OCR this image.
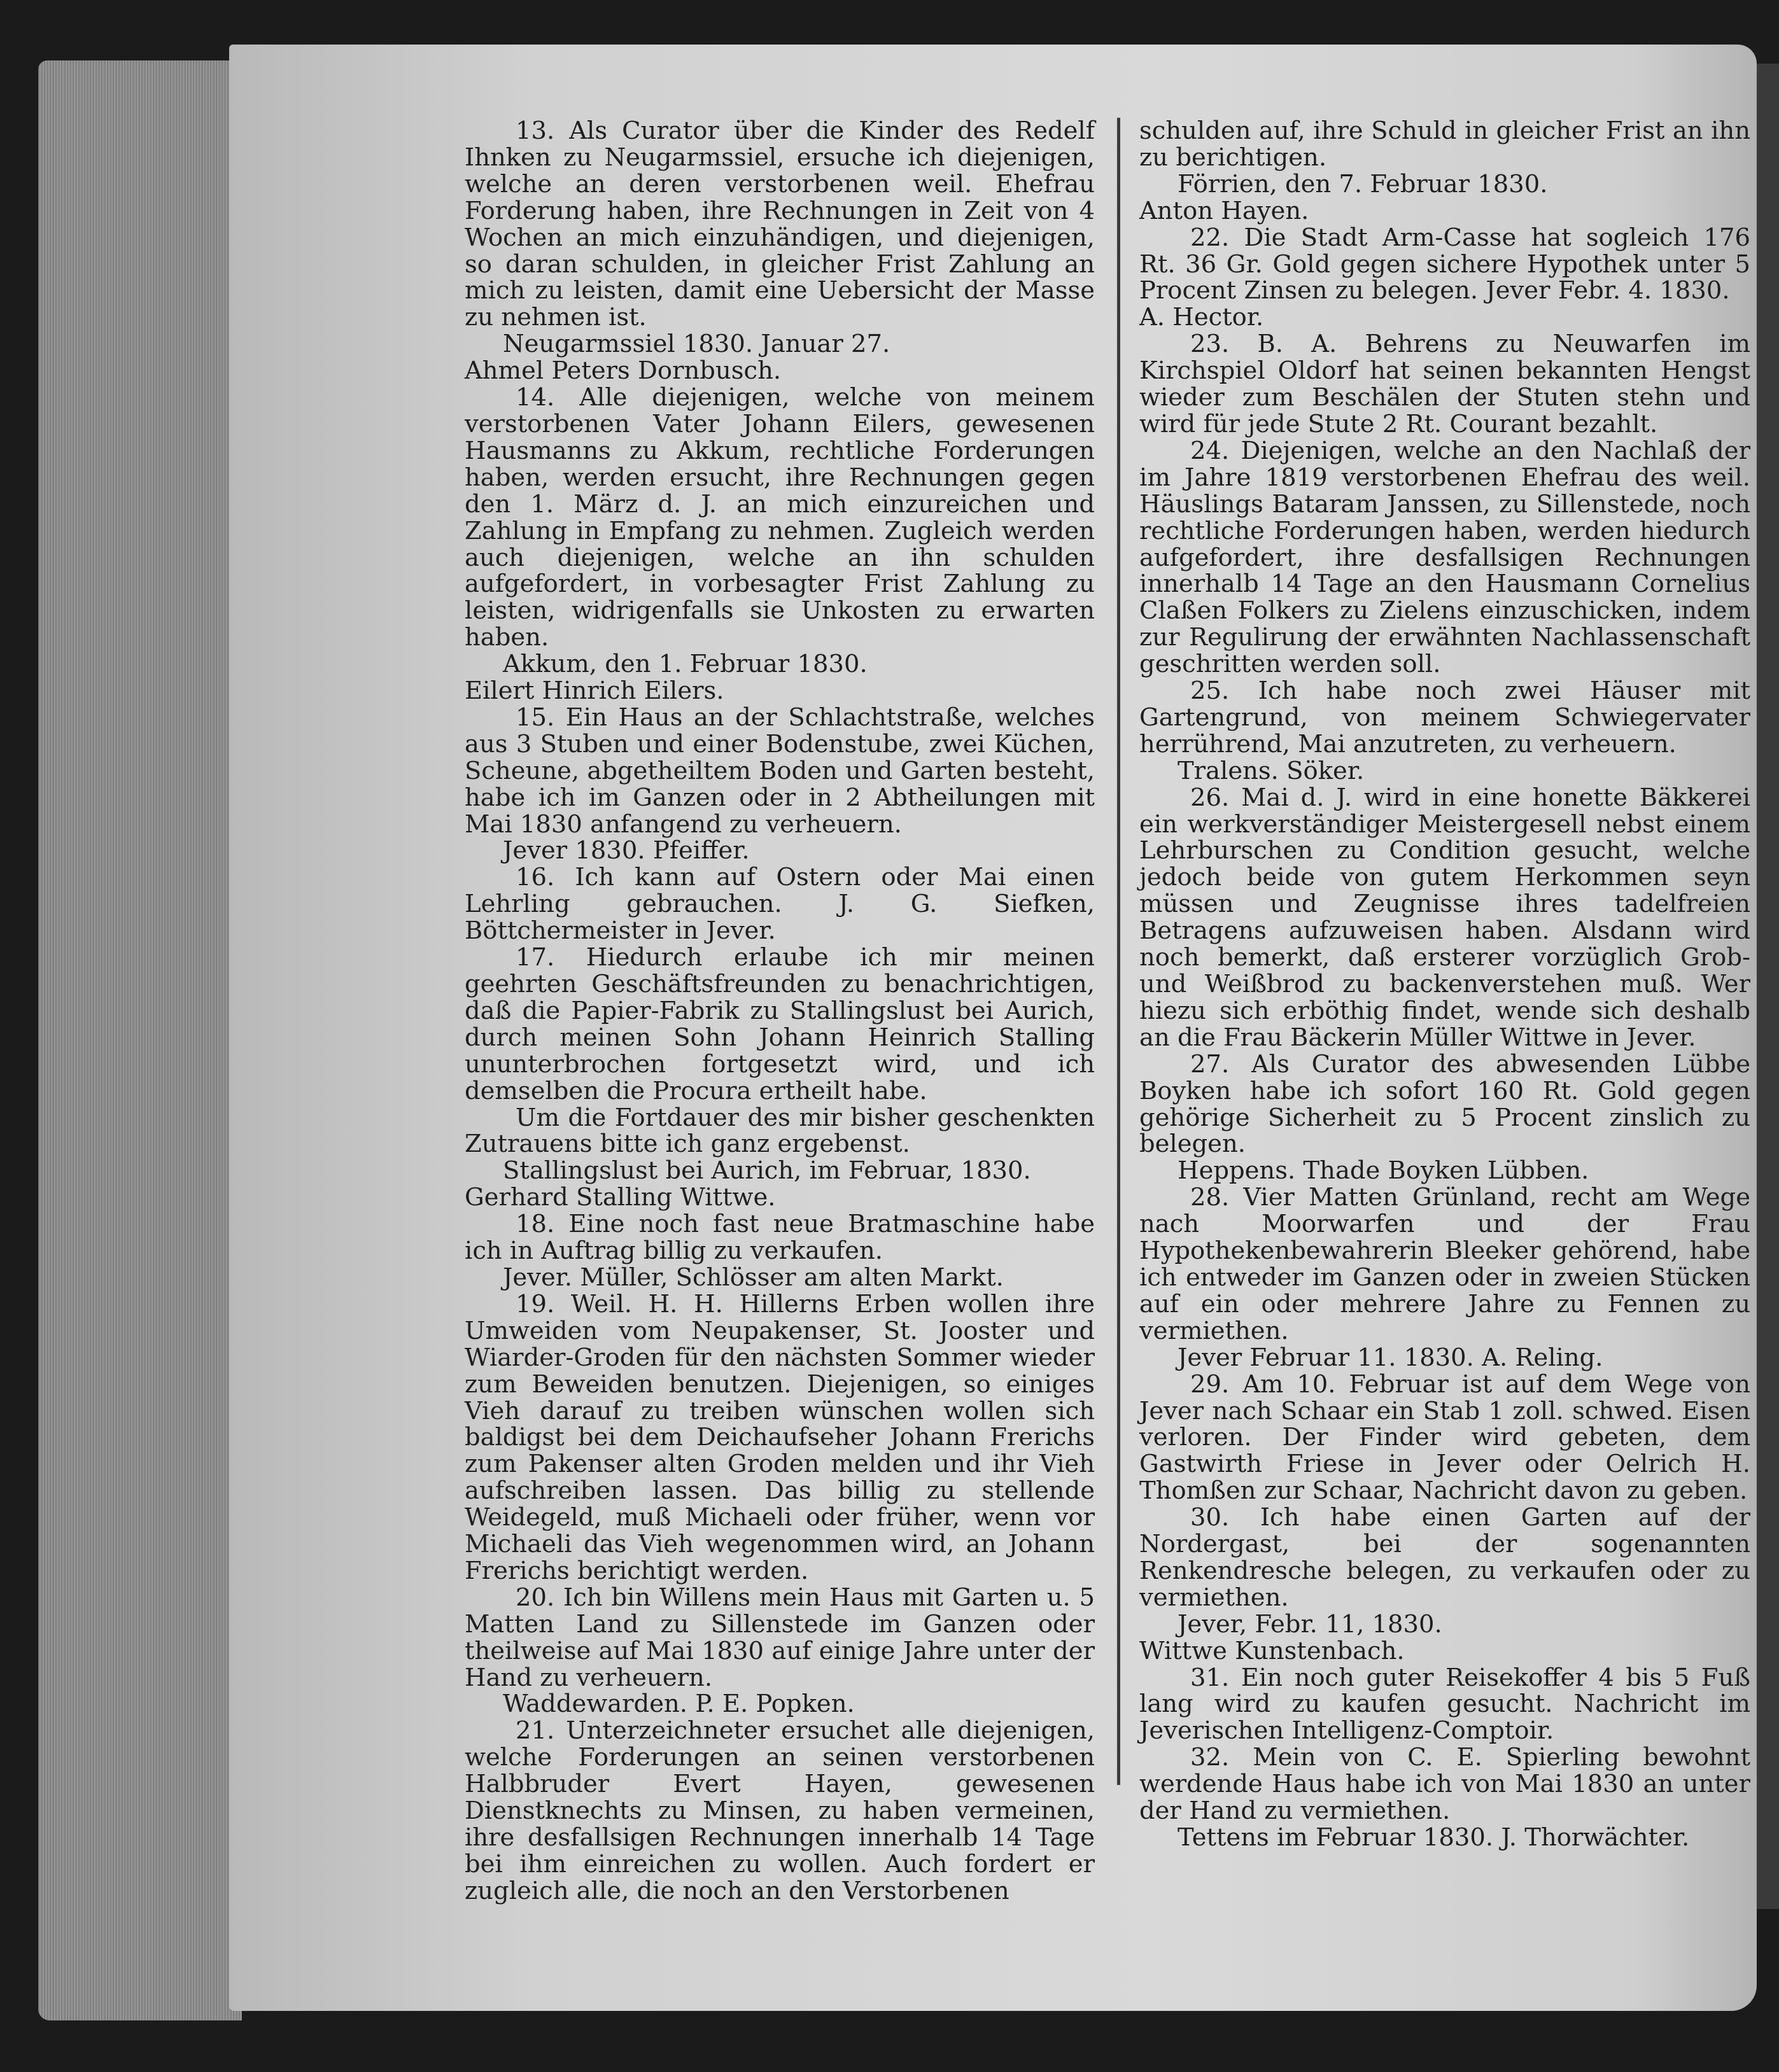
13. Als Curator über die Kinder des Redelf Ihnken zu Neugarmssiel, ersuche ich diejenigen, welche an deren verstorbenen weil. Ehefrau Forderung haben, ihre Rechnungen in Zeit von 4 Wochen an mich einzuhändigen, und diejenigen, so daran schulden, in gleicher Frist Zahlung an mich zu leisten, damit eine Uebersicht der Masse zu nehmen ist.

Neugarmssiel 1830. Januar 27.

Ahmel Peters Dornbusch.

14. Alle diejenigen, welche von meinem verstorbenen Vater Johann Eilers, gewesenen Hausmanns zu Akkum, rechtliche Forderungen haben, werden ersucht, ihre Rechnungen gegen den 1. März d. J. an mich einzureichen und Zahlung in Empfang zu nehmen. Zugleich werden auch diejenigen, welche an ihn schulden aufgefordert, in vorbesagter Frist Zahlung zu leisten, widrigenfalls sie Unkosten zu erwarten haben.

Akkum, den 1. Februar 1830.

Eilert Hinrich Eilers.

15. Ein Haus an der Schlachtstraße, welches aus 3 Stuben und einer Bodenstube, zwei Küchen, Scheune, abgetheiltem Boden und Garten besteht, habe ich im Ganzen oder in 2 Abtheilungen mit Mai 1830 anfangend zu verheuern.

Jever 1830. Pfeiffer.

16. Ich kann auf Ostern oder Mai einen Lehrling gebrauchen. J. G. Siefken, Böttchermeister in Jever.

17. Hiedurch erlaube ich mir meinen geehrten Geschäftsfreunden zu benachrichtigen, daß die Papier-Fabrik zu Stallingslust bei Aurich, durch meinen Sohn Johann Heinrich Stalling ununterbrochen fortgesetzt wird, und ich demselben die Procura ertheilt habe.

Um die Fortdauer des mir bisher geschenkten Zutrauens bitte ich ganz ergebenst.

Stallingslust bei Aurich, im Februar, 1830.

Gerhard Stalling Wittwe.

18. Eine noch fast neue Bratmaschine habe ich in Auftrag billig zu verkaufen.

Jever. Müller, Schlösser am alten Markt.

19. Weil. H. H. Hillerns Erben wollen ihre Umweiden vom Neupakenser, St. Jooster und Wiarder-Groden für den nächsten Sommer wieder zum Beweiden benutzen. Diejenigen, so einiges Vieh darauf zu treiben wünschen wollen sich baldigst bei dem Deichaufseher Johann Frerichs zum Pakenser alten Groden melden und ihr Vieh aufschreiben lassen. Das billig zu stellende Weidegeld, muß Michaeli oder früher, wenn vor Michaeli das Vieh wegenommen wird, an Johann Frerichs berichtigt werden.

20. Ich bin Willens mein Haus mit Garten u. 5 Matten Land zu Sillenstede im Ganzen oder theilweise auf Mai 1830 auf einige Jahre unter der Hand zu verheuern.

Waddewarden. P. E. Popken.

21. Unterzeichneter ersuchet alle diejenigen, welche Forderungen an seinen verstorbenen Halbbruder Evert Hayen, gewesenen Dienstknechts zu Minsen, zu haben vermeinen, ihre desfallsigen Rechnungen innerhalb 14 Tage bei ihm einreichen zu wollen. Auch fordert er zugleich alle, die noch an den Verstorbenen

schulden auf, ihre Schuld in gleicher Frist an ihn zu berichtigen.

Förrien, den 7. Februar 1830.

Anton Hayen.

22. Die Stadt Arm-Casse hat sogleich 176 Rt. 36 Gr. Gold gegen sichere Hypothek unter 5 Procent Zinsen zu belegen. Jever Febr. 4. 1830.

A. Hector.

23. B. A. Behrens zu Neuwarfen im Kirchspiel Oldorf hat seinen bekannten Hengst wieder zum Beschälen der Stuten stehn und wird für jede Stute 2 Rt. Courant bezahlt.

24. Diejenigen, welche an den Nachlaß der im Jahre 1819 verstorbenen Ehefrau des weil. Häuslings Bataram Janssen, zu Sillenstede, noch rechtliche Forderungen haben, werden hiedurch aufgefordert, ihre desfallsigen Rechnungen innerhalb 14 Tage an den Hausmann Cornelius Claßen Folkers zu Zielens einzuschicken, indem zur Regulirung der erwähnten Nachlassenschaft geschritten werden soll.

25. Ich habe noch zwei Häuser mit Gartengrund, von meinem Schwiegervater herrührend, Mai anzutreten, zu verheuern.

Tralens. Söker.

26. Mai d. J. wird in eine honette Bäkkerei ein werkverständiger Meistergesell nebst einem Lehrburschen zu Condition gesucht, welche jedoch beide von gutem Herkommen seyn müssen und Zeugnisse ihres tadelfreien Betragens aufzuweisen haben. Alsdann wird noch bemerkt, daß ersterer vorzüglich Grob- und Weißbrod zu backenverstehen muß. Wer hiezu sich erböthig findet, wende sich deshalb an die Frau Bäckerin Müller Wittwe in Jever.

27. Als Curator des abwesenden Lübbe Boyken habe ich sofort 160 Rt. Gold gegen gehörige Sicherheit zu 5 Procent zinslich zu belegen.

Heppens. Thade Boyken Lübben.

28. Vier Matten Grünland, recht am Wege nach Moorwarfen und der Frau Hypothekenbewahrerin Bleeker gehörend, habe ich entweder im Ganzen oder in zweien Stücken auf ein oder mehrere Jahre zu Fennen zu vermiethen.

Jever Februar 11. 1830. A. Reling.

29. Am 10. Februar ist auf dem Wege von Jever nach Schaar ein Stab 1 zoll. schwed. Eisen verloren. Der Finder wird gebeten, dem Gastwirth Friese in Jever oder Oelrich H. Thomßen zur Schaar, Nachricht davon zu geben.

30. Ich habe einen Garten auf der Nordergast, bei der sogenannten Renkendresche belegen, zu verkaufen oder zu vermiethen.

Jever, Febr. 11, 1830.

Wittwe Kunstenbach.

31. Ein noch guter Reisekoffer 4 bis 5 Fuß lang wird zu kaufen gesucht. Nachricht im Jeverischen Intelligenz-Comptoir.

32. Mein von C. E. Spierling bewohnt werdende Haus habe ich von Mai 1830 an unter der Hand zu vermiethen.

Tettens im Februar 1830. J. Thorwächter.
